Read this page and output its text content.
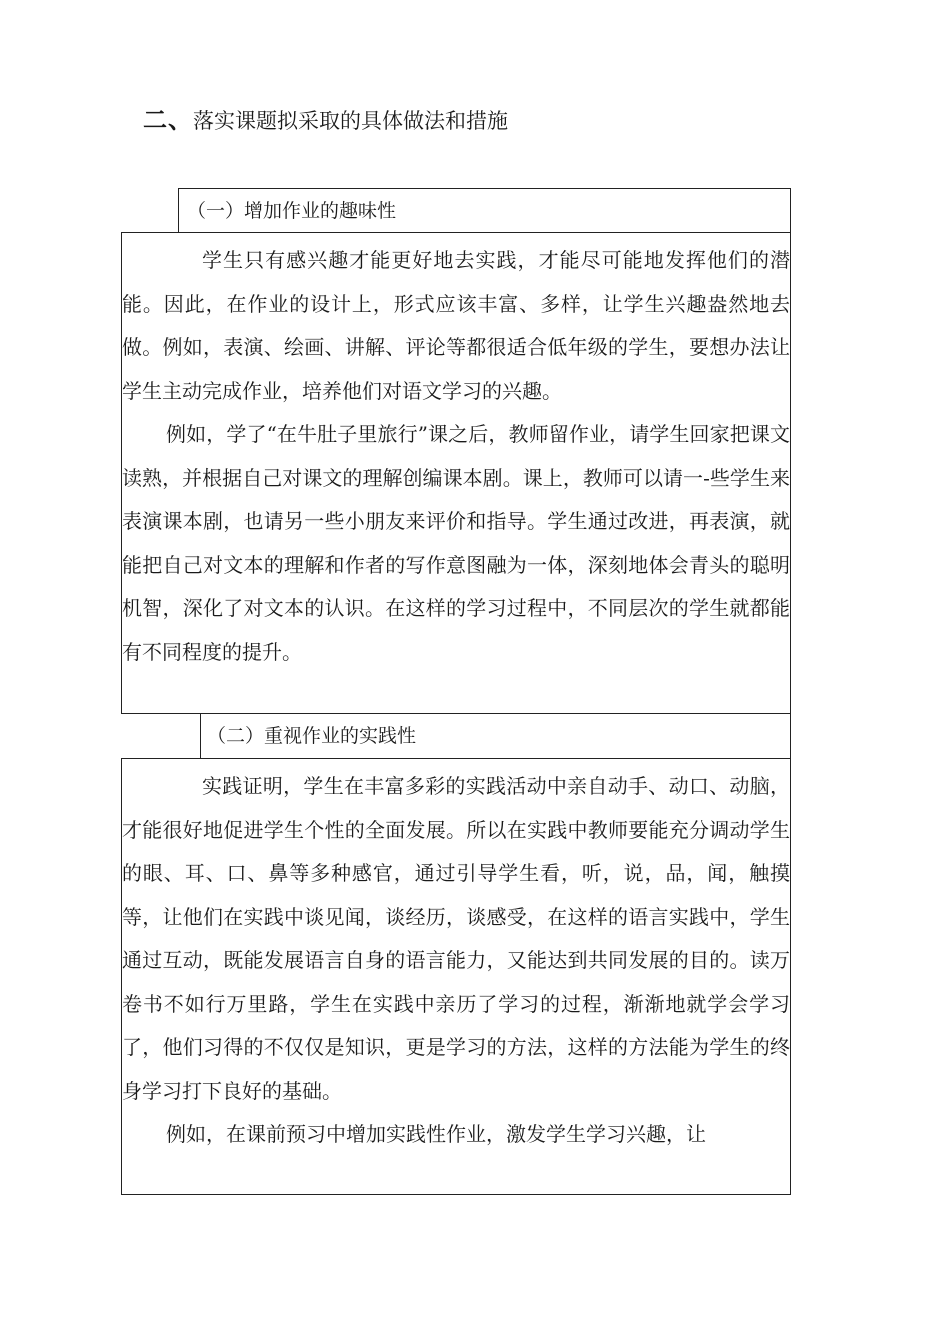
二、落实课题拟采取的具体做法和措施
（一）增加作业的趣味性

学生只有感兴趣才能更好地去实践，才能尽可能地发挥他们的潜能。因此，在作业的设计上，形式应该丰富、多样，让学生兴趣盎然地去做。例如，表演、绘画、讲解、评论等都很适合低年级的学生，要想办法让学生主动完成作业，培养他们对语文学习的兴趣。

例如，学了“在牛肚子里旅行”课之后，教师留作业，请学生回家把课文读熟，并根据自己对课文的理解创编课本剧。课上，教师可以请一-些学生来表演课本剧，也请另一些小朋友来评价和指导。学生通过改进，再表演，就能把自己对文本的理解和作者的写作意图融为一体，深刻地体会青头的聪明机智，深化了对文本的认识。在这样的学习过程中，不同层次的学生就都能有不同程度的提升。

（二）重视作业的实践性

实践证明，学生在丰富多彩的实践活动中亲自动手、动口、动脑，才能很好地促进学生个性的全面发展。所以在实践中教师要能充分调动学生的眼、耳、口、鼻等多种感官，通过引导学生看，听，说，品，闻，触摸等，让他们在实践中谈见闻，谈经历，谈感受，在这样的语言实践中，学生通过互动，既能发展语言自身的语言能力，又能达到共同发展的目的。读万卷书不如行万里路，学生在实践中亲历了学习的过程，渐渐地就学会学习了，他们习得的不仅仅是知识，更是学习的方法，这样的方法能为学生的终身学习打下良好的基础。

例如，在课前预习中增加实践性作业，激发学生学习兴趣，让
